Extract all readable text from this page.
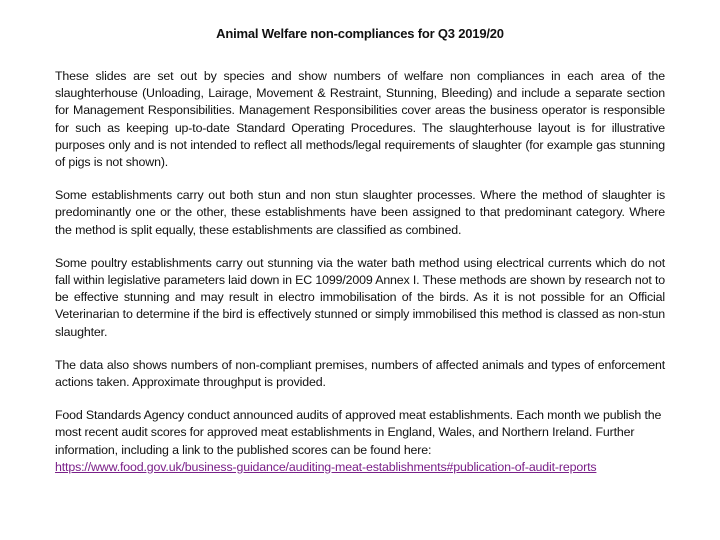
Animal Welfare non-compliances for Q3 2019/20

These slides are set out by species and show numbers of welfare non compliances in each area of the slaughterhouse (Unloading, Lairage, Movement & Restraint, Stunning, Bleeding) and include a separate section for Management Responsibilities. Management Responsibilities cover areas the business operator is responsible for such as keeping up-to-date Standard Operating Procedures. The slaughterhouse layout is for illustrative purposes only and is not intended to reflect all methods/legal requirements of slaughter (for example gas stunning of pigs is not shown).

Some establishments carry out both stun and non stun slaughter processes. Where the method of slaughter is predominantly one or the other, these establishments have been assigned to that predominant category. Where the method is split equally, these establishments are classified as combined.

Some poultry establishments carry out stunning via the water bath method using electrical currents which do not fall within legislative parameters laid down in EC 1099/2009 Annex I. These methods are shown by research not to be effective stunning and may result in electro immobilisation of the birds. As it is not possible for an Official Veterinarian to determine if the bird is effectively stunned or simply immobilised this method is classed as non-stun slaughter.

The data also shows numbers of non-compliant premises, numbers of affected animals and types of enforcement actions taken. Approximate throughput is provided.

Food Standards Agency conduct announced audits of approved meat establishments. Each month we publish the most recent audit scores for approved meat establishments in England, Wales, and Northern Ireland. Further information, including a link to the published scores can be found here:
https://www.food.gov.uk/business-guidance/auditing-meat-establishments#publication-of-audit-reports
